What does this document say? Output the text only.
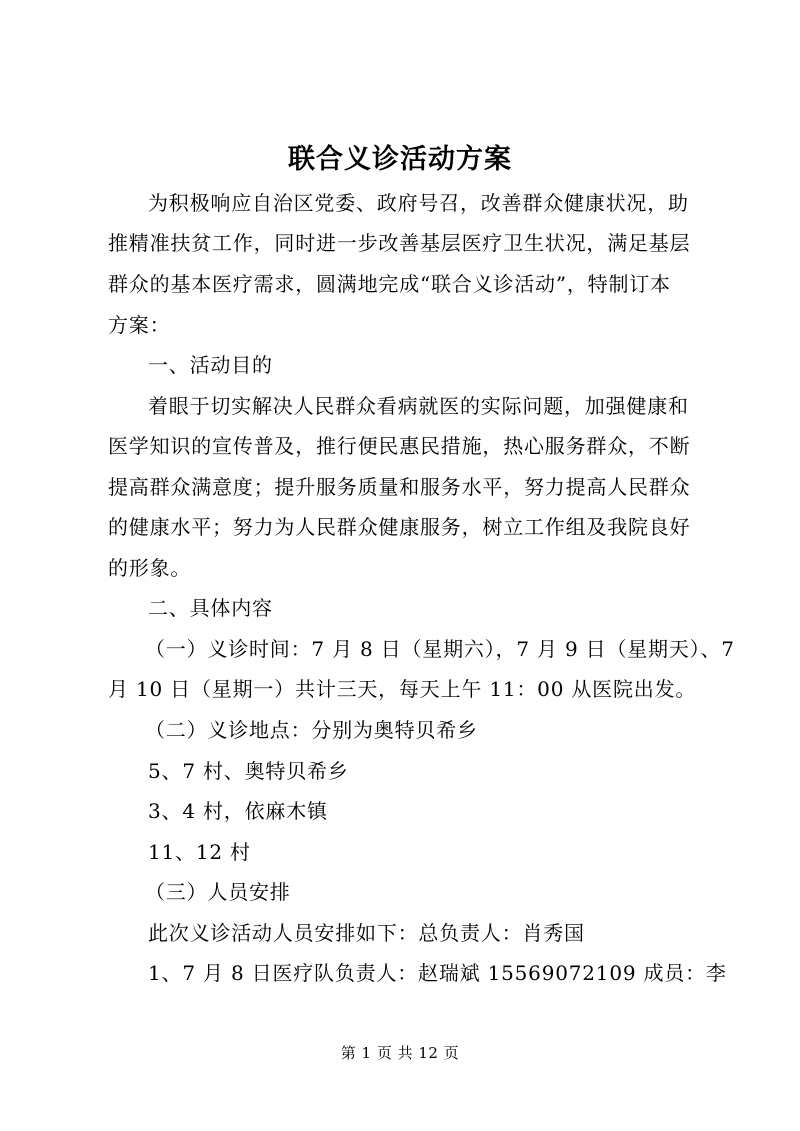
联合义诊活动方案
为积极响应自治区党委、政府号召，改善群众健康状况，助
推精准扶贫工作，同时进一步改善基层医疗卫生状况，满足基层
群众的基本医疗需求，圆满地完成“联合义诊活动”，特制订本
方案：
一、活动目的
着眼于切实解决人民群众看病就医的实际问题，加强健康和
医学知识的宣传普及，推行便民惠民措施，热心服务群众，不断
提高群众满意度；提升服务质量和服务水平，努力提高人民群众
的健康水平；努力为人民群众健康服务，树立工作组及我院良好
的形象。
二、具体内容
（一）义诊时间：7 月 8 日（星期六），7 月 9 日（星期天）、7
月 10 日（星期一）共计三天，每天上午 11：00 从医院出发。
（二）义诊地点：分别为奥特贝希乡
5、7 村、奥特贝希乡
3、4 村，依麻木镇
11、12 村
（三）人员安排
此次义诊活动人员安排如下：总负责人：肖秀国
1、7 月 8 日医疗队负责人：赵瑞斌 15569072109 成员：李
第 1 页 共 12 页
